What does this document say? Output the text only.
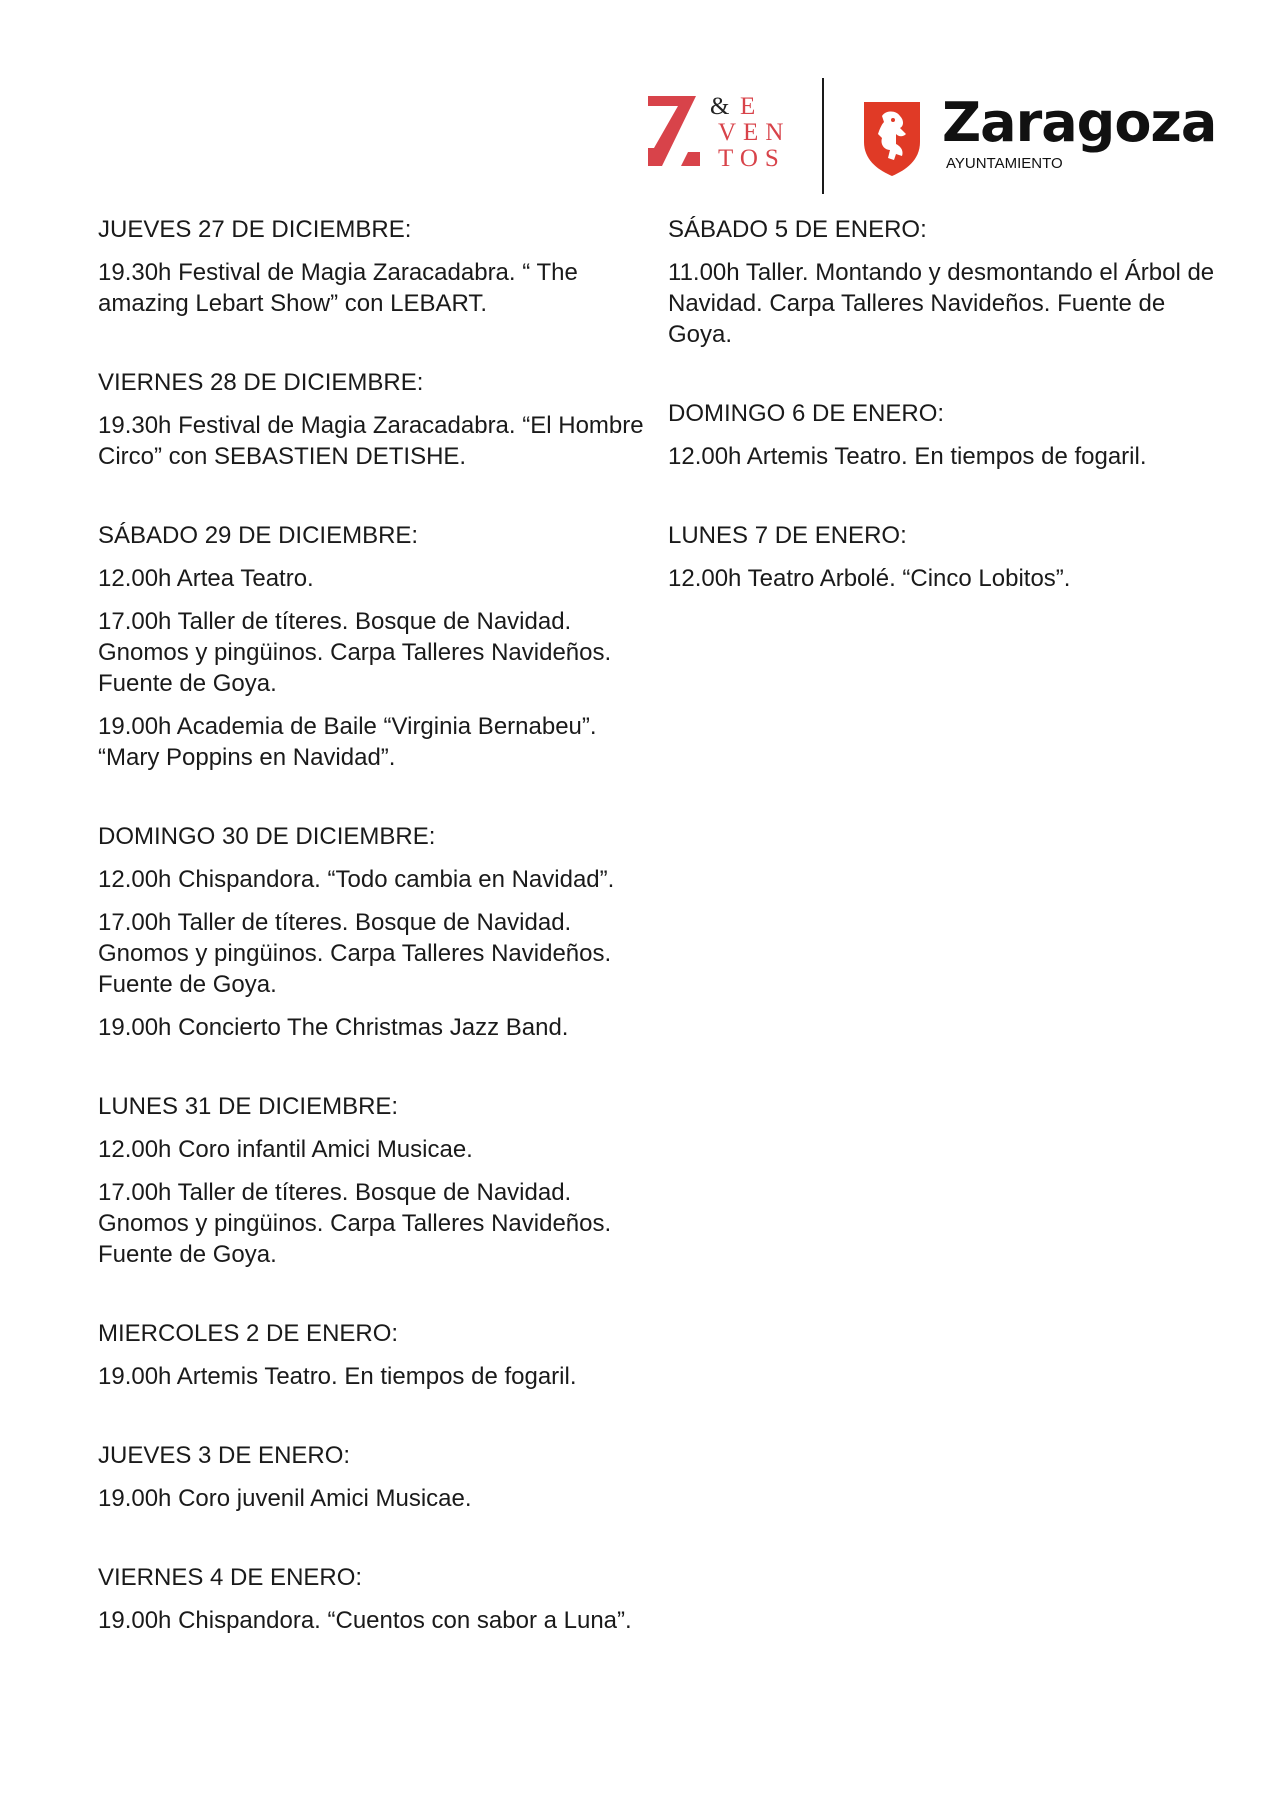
& E
VEN
TOS
Zaragoza
AYUNTAMIENTO

JUEVES 27 DE DICIEMBRE:

19.30h Festival de Magia Zaracadabra. “ The amazing Lebart Show” con LEBART.

VIERNES 28 DE DICIEMBRE:

19.30h Festival de Magia Zaracadabra. “El Hombre Circo” con SEBASTIEN DETISHE.

SÁBADO 29 DE DICIEMBRE:

12.00h Artea Teatro.

17.00h Taller de títeres. Bosque de Navidad. Gnomos y pingüinos. Carpa Talleres Navideños. Fuente de Goya.

19.00h Academia de Baile “Virginia Bernabeu”. “Mary Poppins en Navidad”.

DOMINGO 30 DE DICIEMBRE:

12.00h Chispandora. “Todo cambia en Navidad”.

17.00h Taller de títeres. Bosque de Navidad. Gnomos y pingüinos. Carpa Talleres Navideños. Fuente de Goya.

19.00h Concierto The Christmas Jazz Band.

LUNES 31 DE DICIEMBRE:

12.00h Coro infantil Amici Musicae.

17.00h Taller de títeres. Bosque de Navidad. Gnomos y pingüinos. Carpa Talleres Navideños. Fuente de Goya.

MIERCOLES 2 DE ENERO:

19.00h Artemis Teatro. En tiempos de fogaril.

JUEVES 3 DE ENERO:

19.00h Coro juvenil Amici Musicae.

VIERNES 4 DE ENERO:

19.00h Chispandora. “Cuentos con sabor a Luna”.

SÁBADO 5 DE ENERO:

11.00h Taller. Montando y desmontando el Árbol de Navidad. Carpa Talleres Navideños. Fuente de Goya.

DOMINGO 6 DE ENERO:

12.00h Artemis Teatro. En tiempos de fogaril.

LUNES 7 DE ENERO:

12.00h Teatro Arbolé. “Cinco Lobitos”.
